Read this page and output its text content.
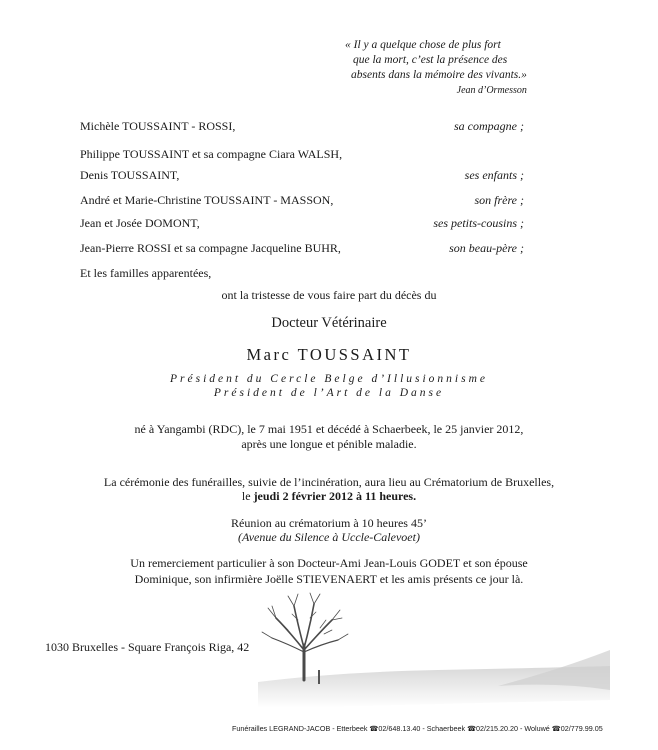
« Il y a quelque chose de plus fort
que la mort, c’est la présence des
absents dans la mémoire des vivants.»
Jean d’Ormesson
Michèle TOUSSAINT - ROSSI,	sa compagne ;
Philippe TOUSSAINT et sa compagne Ciara WALSH,
Denis TOUSSAINT,	ses enfants ;
André et Marie-Christine TOUSSAINT - MASSON,	son frère ;
Jean et Josée DOMONT,	ses petits-cousins ;
Jean-Pierre ROSSI et sa compagne Jacqueline BUHR,	son beau-père ;
Et les familles apparentées,
ont la tristesse de vous faire part du décès du
Docteur Vétérinaire
Marc TOUSSAINT
Président du Cercle Belge d’Illusionnisme
Président de l’Art de la Danse
né à Yangambi (RDC), le 7 mai 1951 et décédé à Schaerbeek, le 25 janvier 2012,
après une longue et pénible maladie.
La cérémonie des funérailles, suivie de l’incinération, aura lieu au Crématorium de Bruxelles,
le jeudi 2 février 2012 à 11 heures.
Réunion au crématorium à 10 heures 45’
(Avenue du Silence à Uccle-Calevoet)
Un remerciement particulier à son Docteur-Ami Jean-Louis GODET et son épouse
Dominique, son infirmière Joëlle STIEVENAERT et les amis présents ce jour là.
1030 Bruxelles - Square François Riga, 42
Funérailles LEGRAND-JACOB - Etterbeek ☎02/648.13.40 - Schaerbeek ☎02/215.20.20 - Woluwé ☎02/779.99.05
